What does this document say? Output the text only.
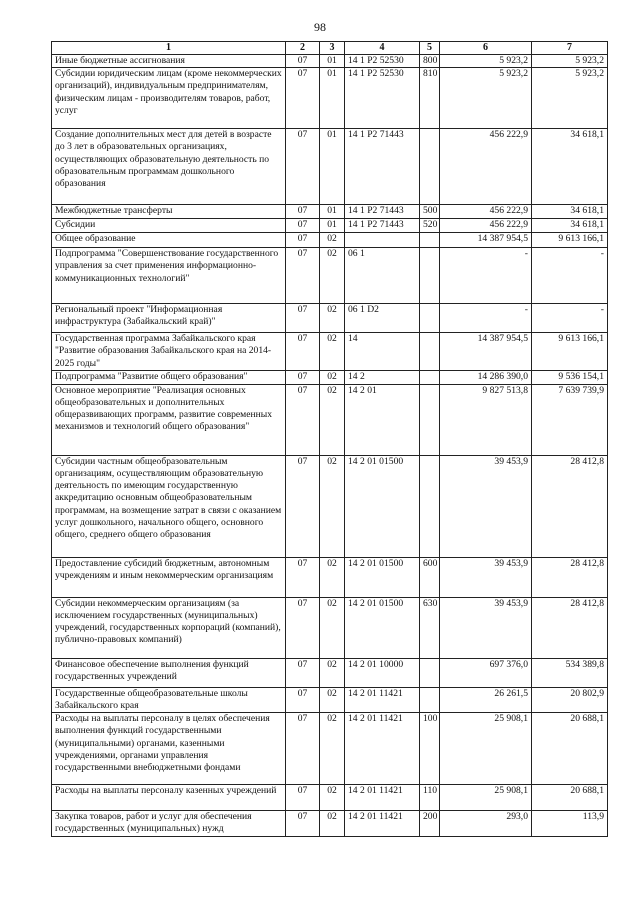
98
1	2	3	4	5	6	7
Иные бюджетные ассигнования	07	01	14 1 P2 52530	800	5 923,2	5 923,2
Субсидии юридическим лицам (кроме некоммерческих организаций), индивидуальным предпринимателям, физическим лицам - производителям товаров, работ, услуг	07	01	14 1 P2 52530	810	5 923,2	5 923,2
Создание дополнительных мест для детей в возрасте до 3 лет в образовательных организациях, осуществляющих образовательную деятельность по образовательным программам дошкольного образования	07	01	14 1 P2 71443		456 222,9	34 618,1
Межбюджетные трансферты	07	01	14 1 P2 71443	500	456 222,9	34 618,1
Субсидии	07	01	14 1 P2 71443	520	456 222,9	34 618,1
Общее образование	07	02			14 387 954,5	9 613 166,1
Подпрограмма "Совершенствование государственного управления за счет применения информационно-коммуникационных технологий"	07	02	06 1		-	-
Региональный проект "Информационная инфраструктура (Забайкальский край)"	07	02	06 1 D2		-	-
Государственная программа Забайкальского края "Развитие образования Забайкальского края на 2014-2025 годы"	07	02	14		14 387 954,5	9 613 166,1
Подпрограмма "Развитие общего образования"	07	02	14 2		14 286 390,0	9 536 154,1
Основное мероприятие "Реализация основных общеобразовательных и дополнительных общеразвивающих программ, развитие современных механизмов и технологий общего образования"	07	02	14 2 01		9 827 513,8	7 639 739,9
Субсидии частным общеобразовательным организациям, осуществляющим образовательную деятельность по имеющим государственную аккредитацию основным общеобразовательным программам, на возмещение затрат в связи с оказанием услуг дошкольного, начального общего, основного общего, среднего общего образования	07	02	14 2 01 01500		39 453,9	28 412,8
Предоставление субсидий бюджетным, автономным учреждениям и иным некоммерческим организациям	07	02	14 2 01 01500	600	39 453,9	28 412,8
Субсидии некоммерческим организациям (за исключением государственных (муниципальных) учреждений, государственных корпораций (компаний), публично-правовых компаний)	07	02	14 2 01 01500	630	39 453,9	28 412,8
Финансовое обеспечение выполнения функций государственных учреждений	07	02	14 2 01 10000		697 376,0	534 389,8
Государственные общеобразовательные школы Забайкальского края	07	02	14 2 01 11421		26 261,5	20 802,9
Расходы на выплаты персоналу в целях обеспечения выполнения функций государственными (муниципальными) органами, казенными учреждениями, органами управления государственными внебюджетными фондами	07	02	14 2 01 11421	100	25 908,1	20 688,1
Расходы на выплаты персоналу казенных учреждений	07	02	14 2 01 11421	110	25 908,1	20 688,1
Закупка товаров, работ и услуг для обеспечения государственных (муниципальных) нужд	07	02	14 2 01 11421	200	293,0	113,9
